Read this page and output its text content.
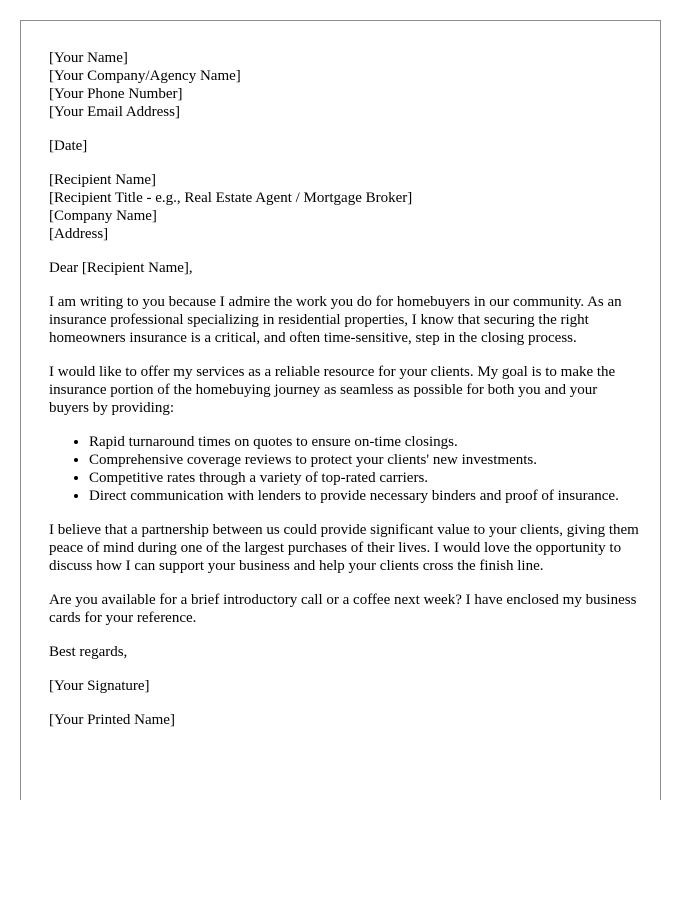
[Your Name]
[Your Company/Agency Name]
[Your Phone Number]
[Your Email Address]
[Date]
[Recipient Name]
[Recipient Title - e.g., Real Estate Agent / Mortgage Broker]
[Company Name]
[Address]

Dear [Recipient Name],

I am writing to you because I admire the work you do for homebuyers in our community. As an insurance professional specializing in residential properties, I know that securing the right homeowners insurance is a critical, and often time-sensitive, step in the closing process.

I would like to offer my services as a reliable resource for your clients. My goal is to make the insurance portion of the homebuying journey as seamless as possible for both you and your buyers by providing:

• Rapid turnaround times on quotes to ensure on-time closings.
• Comprehensive coverage reviews to protect your clients' new investments.
• Competitive rates through a variety of top-rated carriers.
• Direct communication with lenders to provide necessary binders and proof of insurance.

I believe that a partnership between us could provide significant value to your clients, giving them peace of mind during one of the largest purchases of their lives. I would love the opportunity to discuss how I can support your business and help your clients cross the finish line.

Are you available for a brief introductory call or a coffee next week? I have enclosed my business cards for your reference.

Best regards,

[Your Signature]

[Your Printed Name]
